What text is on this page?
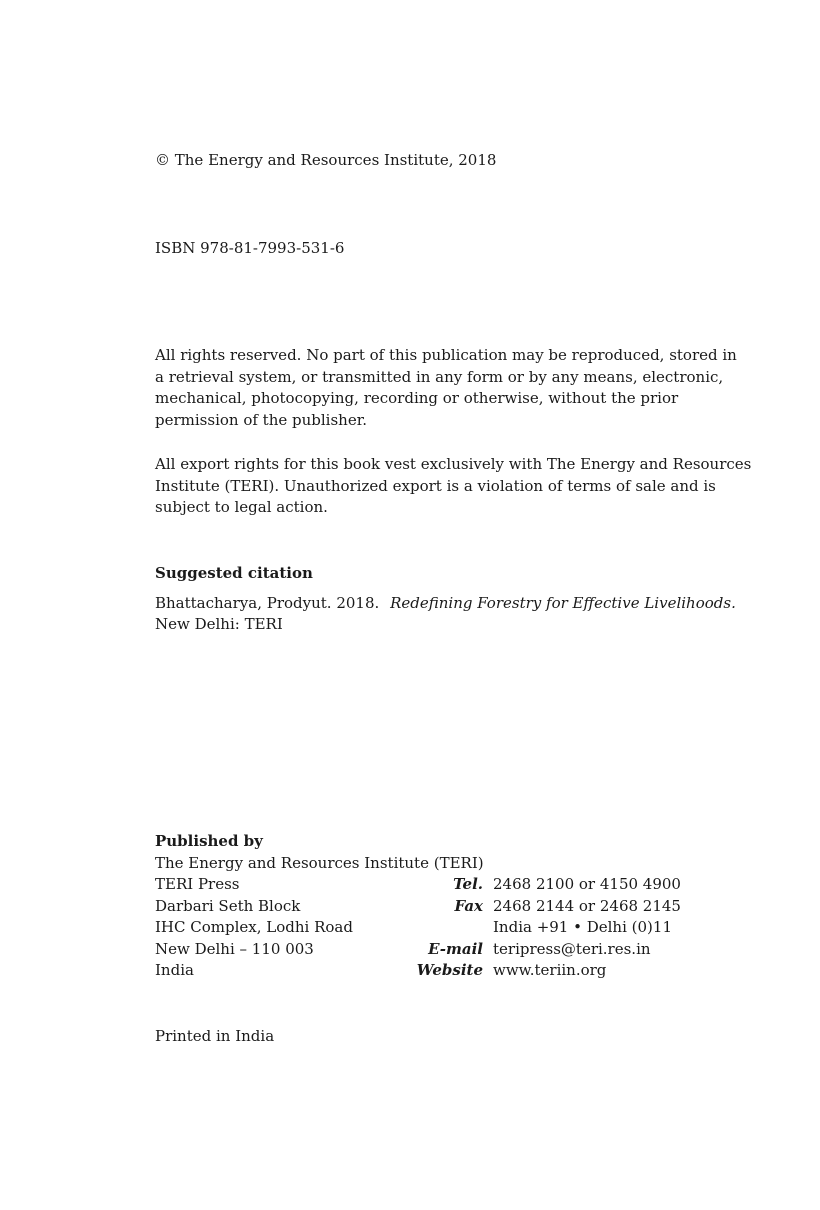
© The Energy and Resources Institute, 2018
ISBN 978-81-7993-531-6
All rights reserved. No part of this publication may be reproduced, stored in
a retrieval system, or transmitted in any form or by any means, electronic,
mechanical, photocopying, recording or otherwise, without the prior
permission of the publisher.
All export rights for this book vest exclusively with The Energy and Resources
Institute (TERI). Unauthorized export is a violation of terms of sale and is
subject to legal action.
Suggested citation
Bhattacharya, Prodyut. 2018. Redefining Forestry for Effective Livelihoods.
New Delhi: TERI
Published by
The Energy and Resources Institute (TERI)
TERI Press	Tel. 2468 2100 or 4150 4900
Darbari Seth Block	Fax 2468 2144 or 2468 2145
IHC Complex, Lodhi Road	India +91 • Delhi (0)11
New Delhi – 110 003	E-mail teripress@teri.res.in
India	Website www.teriin.org
Printed in India
